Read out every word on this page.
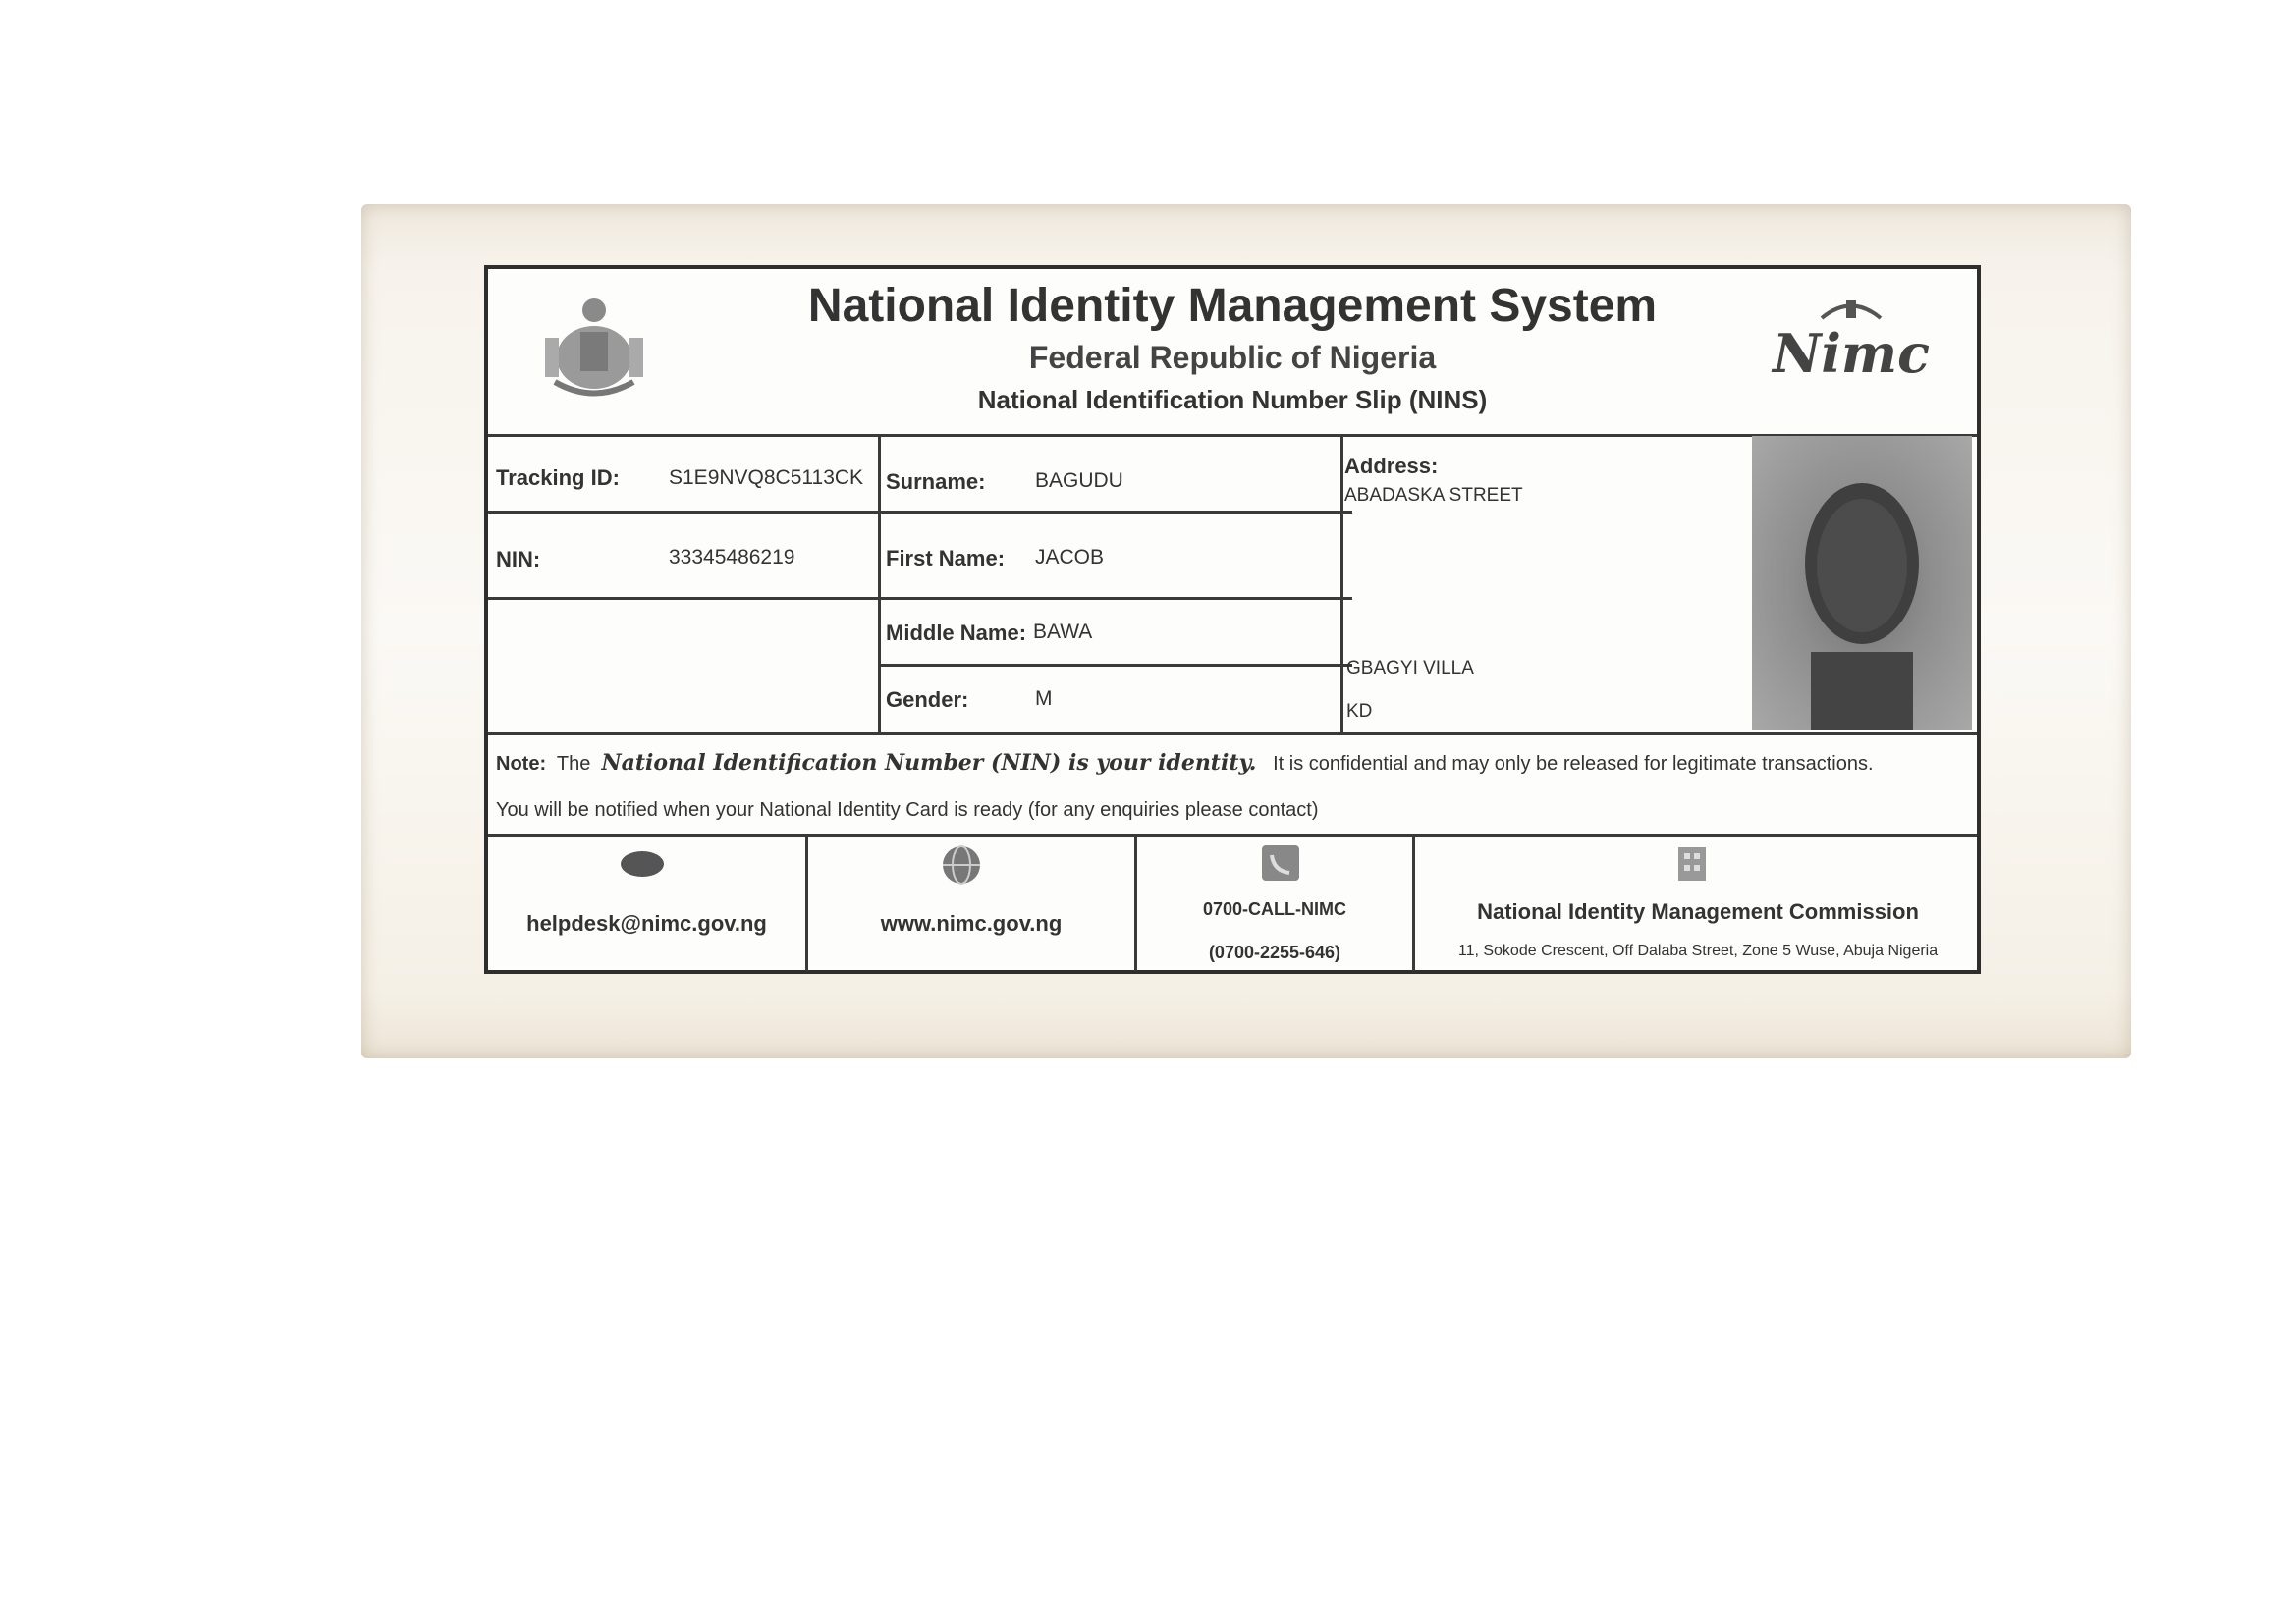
National Identity Management System
Federal Republic of Nigeria
National Identification Number Slip (NINS)
Nimc
Tracking ID: S1E9NVQ8C5113CK
NIN:	33345486219
Surname: BAGUDU
First Name: JACOB
Middle Name: BAWA
Gender:	M
Address:
ABADASKA STREET
GBAGYI VILLA
KD
Note: The National Identification Number (NIN) is your identity. It is confidential and may only be released for legitimate transactions.
You will be notified when your National Identity Card is ready (for any enquiries please contact)
helpdesk@nimc.gov.ng	www.nimc.gov.ng
0700-CALL-NIMC
(0700-2255-646)
National Identity Management Commission
11, Sokode Crescent, Off Dalaba Street, Zone 5 Wuse, Abuja Nigeria
